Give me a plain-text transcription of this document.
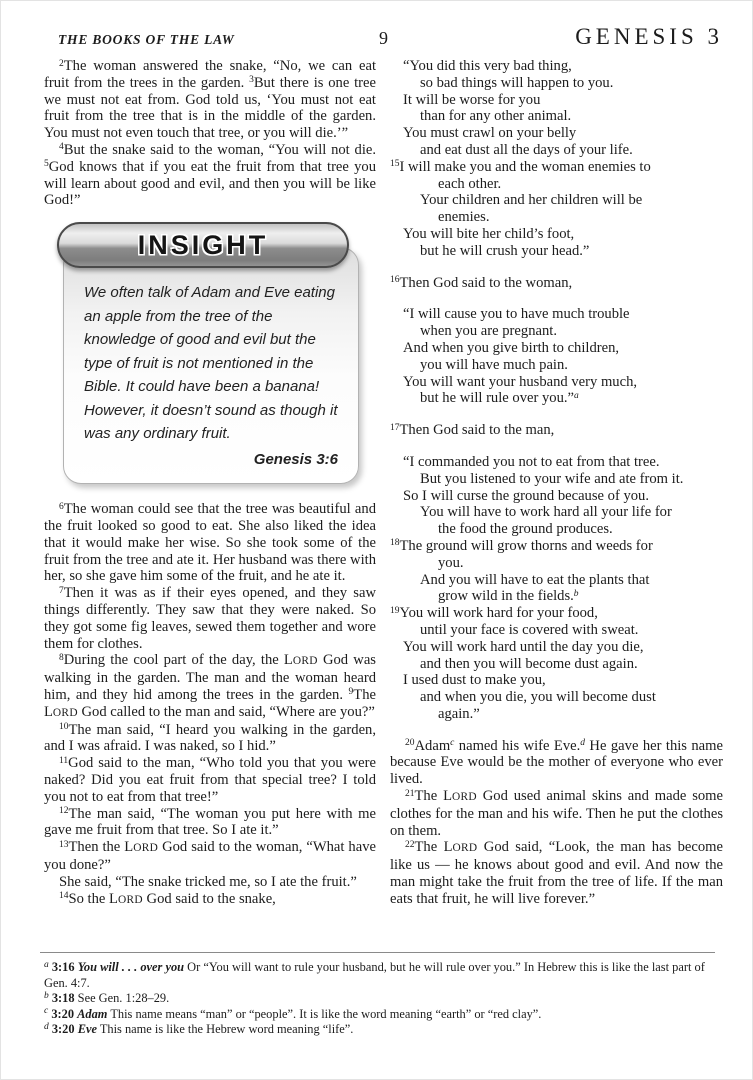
THE BOOKS OF THE LAW	9	GENESIS 3

$^2$The woman answered the snake, “No, we can eat fruit from the trees in the garden. $^3$But there is one tree we must not eat from. God told us, ‘You must not eat fruit from the tree that is in the middle of the garden. You must not even touch that tree, or you will die.’”

$^4$But the snake said to the woman, “You will not die. $^5$God knows that if you eat the fruit from that tree you will learn about good and evil, and then you will be like God!”

INSIGHT

We often talk of Adam and Eve eating an apple from the tree of the knowledge of good and evil but the type of fruit is not mentioned in the Bible. It could have been a banana! However, it doesn’t sound as though it was any ordinary fruit.

Genesis 3:6

$^6$The woman could see that the tree was beautiful and the fruit looked so good to eat. She also liked the idea that it would make her wise. So she took some of the fruit from the tree and ate it. Her husband was there with her, so she gave him some of the fruit, and he ate it.

$^7$Then it was as if their eyes opened, and they saw things differently. They saw that they were naked. So they got some fig leaves, sewed them together and wore them for clothes.

$^8$During the cool part of the day, the LORD God was walking in the garden. The man and the woman heard him, and they hid among the trees in the garden. $^9$The LORD God called to the man and said, “Where are you?”

$^{10}$The man said, “I heard you walking in the garden, and I was afraid. I was naked, so I hid.”

$^{11}$God said to the man, “Who told you that you were naked? Did you eat fruit from that special tree? I told you not to eat from that tree!”

$^{12}$The man said, “The woman you put here with me gave me fruit from that tree. So I ate it.”

$^{13}$Then the LORD God said to the woman, “What have you done?”

She said, “The snake tricked me, so I ate the fruit.”

$^{14}$So the LORD God said to the snake,

“You did this very bad thing,
so bad things will happen to you.
It will be worse for you
than for any other animal.
You must crawl on your belly
and eat dust all the days of your life.
$^{15}$I will make you and the woman enemies to
each other.
Your children and her children will be
enemies.
You will bite her child’s foot,
but he will crush your head.”
$^{16}$Then God said to the woman,
“I will cause you to have much trouble
when you are pregnant.
And when you give birth to children,
you will have much pain.
You will want your husband very much,
but he will rule over you.”$^a$
$^{17}$Then God said to the man,
“I commanded you not to eat from that tree.
But you listened to your wife and ate from it.
So I will curse the ground because of you.
You will have to work hard all your life for
the food the ground produces.
$^{18}$The ground will grow thorns and weeds for
you.
And you will have to eat the plants that
grow wild in the fields.$^b$
$^{19}$You will work hard for your food,
until your face is covered with sweat.
You will work hard until the day you die,
and then you will become dust again.
I used dust to make you,
and when you die, you will become dust
again.”

$^{20}$Adam$^c$ named his wife Eve.$^d$ He gave her this name because Eve would be the mother of everyone who ever lived.

$^{21}$The LORD God used animal skins and made some clothes for the man and his wife. Then he put the clothes on them.

$^{22}$The LORD God said, “Look, the man has become like us — he knows about good and evil. And now the man might take the fruit from the tree of life. If the man eats that fruit, he will live forever.”

$^a$ 3:16 You will . . . over you Or “You will want to rule your husband, but he will rule over you.” In Hebrew this is like the last part of Gen. 4:7.

$^b$ 3:18 See Gen. 1:28–29.

$^c$ 3:20 Adam This name means “man” or “people”. It is like the word meaning “earth” or “red clay”.

$^d$ 3:20 Eve This name is like the Hebrew word meaning “life”.
